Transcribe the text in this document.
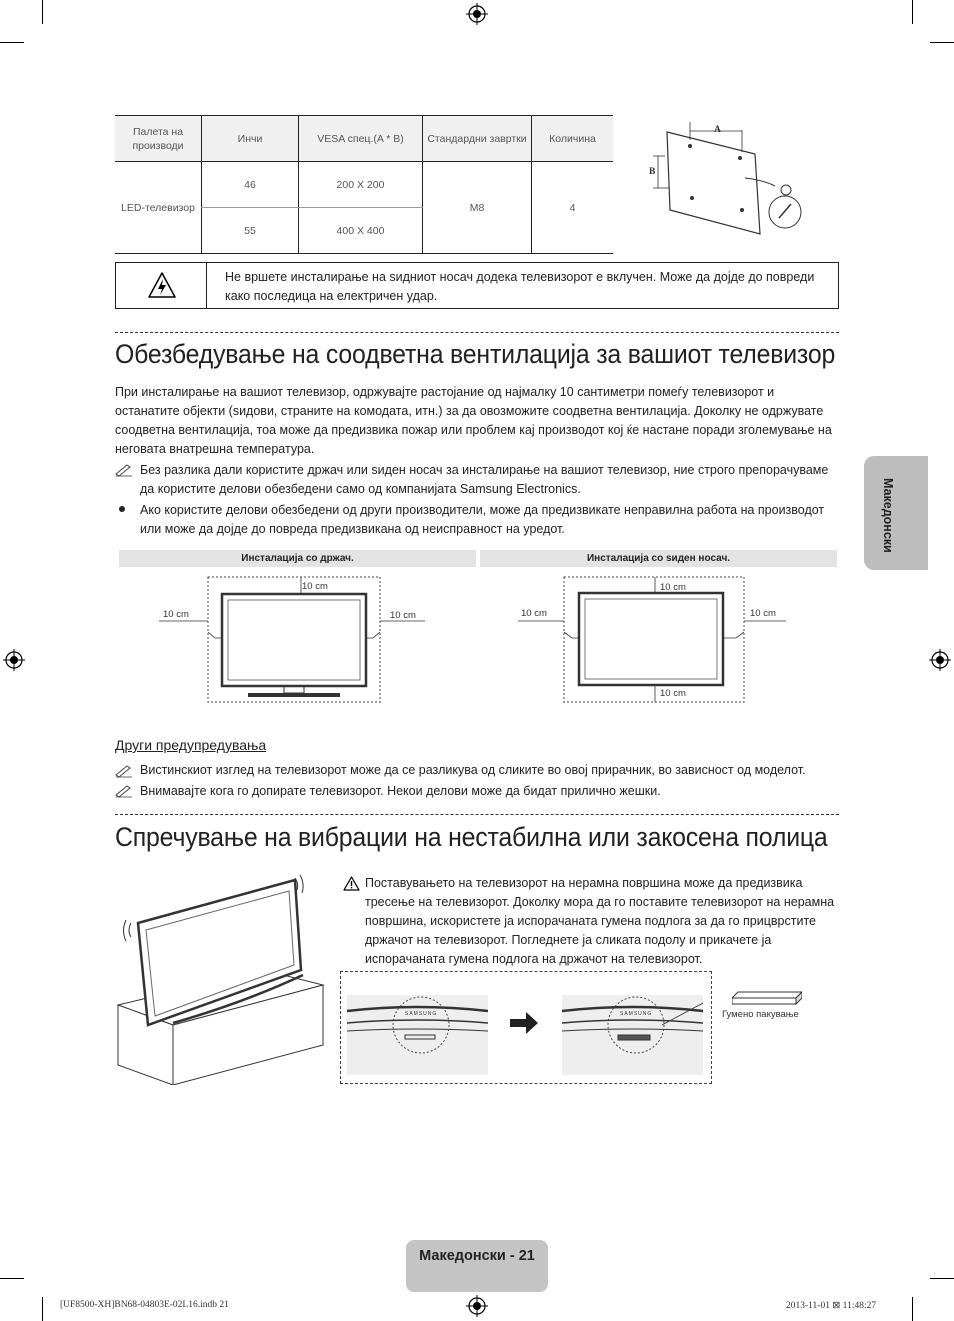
Палета на производи	Инчи	VESA спец.(A * B)	Стандардни завртки	Количина
LED-телевизор	46	200 X 200	M8	4
	55	400 X 400		
A
B
Не вршете инсталирање на ѕидниот носач додека телевизорот е вклучен. Може да дојде до повреди како последица на електричен удар.
Обезбедување на соодветна вентилација за вашиот телевизор
При инсталирање на вашиот телевизор, одржувајте растојание од најмалку 10 сантиметри помеѓу телевизорот и останатите објекти (ѕидови, страните на комодата, итн.) за да овозможите соодветна вентилација. Доколку не одржувате соодветна вентилација, тоа може да предизвика пожар или проблем кај производот кој ќе настане поради зголемување на неговата внатрешна температура.
Без разлика дали користите држач или ѕиден носач за инсталирање на вашиот телевизор, ние строго препорачуваме да користите делови обезбедени само од компанијата Samsung Electronics.
Ако користите делови обезбедени од други производители, може да предизвикате неправилна работа на производот или може да дојде до повреда предизвикана од неисправност на уредот.
Инсталација со држач.	Инсталација со ѕиден носач.
10 cm
10 cm	10 cm
10 cm
10 cm	10 cm
10 cm
Други предупредувања
Вистинскиот изглед на телевизорот може да се разликува од сликите во овој прирачник, во зависност од моделот.
Внимавајте кога го допирате телевизорот. Некои делови може да бидат прилично жешки.
Спречување на вибрации на нестабилна или закосена полица
Поставувањето на телевизорот на нерамна површина може да предизвика тресење на телевизорот. Доколку мора да го поставите телевизорот на нерамна површина, искористете ја испорачаната гумена подлога за да го прицврстите држачот на телевизорот. Погледнете ја сликата подолу и прикачете ја испорачаната гумена подлога на држачот на телевизорот.
SAMSUNG	SAMSUNG	Гумено пакување
Македонски
Македонски - 21
[UF8500-XH]BN68-04803E-02L16.indb 21	2013-11-01 ⊠ 11:48:27
